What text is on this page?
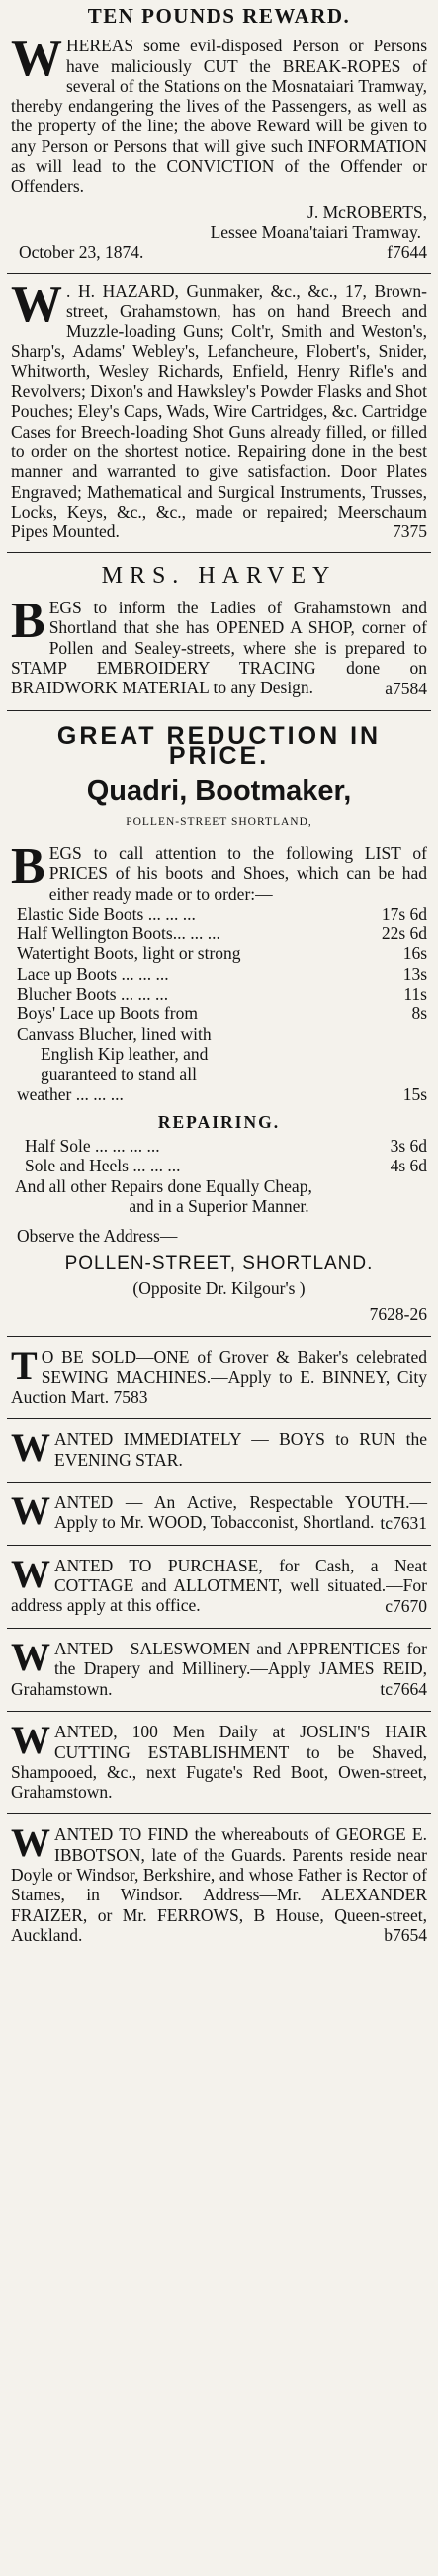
TEN POUNDS REWARD.

WHEREAS some evil-disposed Person or Persons have maliciously CUT the BREAK-ROPES of several of the Stations on the Mosnataiari Tramway, thereby endangering the lives of the Passengers, as well as the property of the line; the above Reward will be given to any Person or Persons that will give such INFORMATION as will lead to the CONVICTION of the Offender or Offenders.

J. McROBERTS,
Lessee Moana'taiari Tramway.
October 23, 1874.	f7644

W . H. HAZARD, Gunmaker, &c., &c., 17, Brown-street, Grahamstown, has on hand Breech and Muzzle-loading Guns; Colt'r, Smith and Weston's, Sharp's, Adams' Webley's, Lefancheure, Flobert's, Snider, Whitworth, Wesley Richards, Enfield, Henry Rifle's and Revolvers; Dixon's and Hawksley's Powder Flasks and Shot Pouches; Eley's Caps, Wads, Wire Cartridges, &c. Cartridge Cases for Breech-loading Shot Guns already filled, or filled to order on the shortest notice. Repairing done in the best manner and warranted to give satisfaction. Door Plates Engraved; Mathematical and Surgical Instruments, Trusses, Locks, Keys, &c., &c., made or repaired; Meerschaum Pipes Mounted.	7375
MRS. HARVEY

BEGS to inform the Ladies of Grahamstown and Shortland that she has OPENED A SHOP, corner of Pollen and Sealey-streets, where she is prepared to STAMP EMBROIDERY TRACING done on BRAIDWORK MATERIAL to any Design.	a7584
GREAT REDUCTION IN PRICE.
Quadri, Bootmaker,
POLLEN-STREET SHORTLAND,

BEGS to call attention to the following LIST of PRICES of his boots and Shoes, which can be had either ready made or to order:—

Elastic Side Boots ... ... ...	17s 6d
Half Wellington Boots... ... ...	22s 6d
Watertight Boots, light or strong	16s
Lace up Boots ... ... ...	13s
Blucher Boots ... ... ...	11s
Boys' Lace up Boots from	8s
Canvass Blucher, lined with
English Kip leather, and
guaranteed to stand all
weather ... ... ...	15s
REPAIRING.
Half Sole ... ... ... ...	3s 6d
Sole and Heels ... ... ...	4s 6d
And all other Repairs done Equally Cheap,
and in a Superior Manner.
Observe the Address—
POLLEN-STREET, SHORTLAND.
(Opposite Dr. Kilgour's )
7628-26

T O BE SOLD—ONE of Grover & Baker's celebrated SEWING MACHINES.—Apply to E. BINNEY, City Auction Mart. 7583

WANTED IMMEDIATELY — BOYS to RUN the EVENING STAR.

WANTED — An Active, Respectable YOUTH.—Apply to Mr. WOOD, Tobacconist, Shortland. tc7631

WANTED TO PURCHASE, for Cash, a Neat COTTAGE and ALLOTMENT, well situated.—For address apply at this office.	c7670

WANTED—SALESWOMEN and APPRENTICES for the Drapery and Millinery.—Apply JAMES REID, Grahamstown.	tc7664

WANTED, 100 Men Daily at JOSLIN'S HAIR CUTTING ESTABLISHMENT to be Shaved, Shampooed, &c., next Fugate's Red Boot, Owen-street, Grahamstown.

WANTED TO FIND the whereabouts of GEORGE E. IBBOTSON, late of the Guards. Parents reside near Doyle or Windsor, Berkshire, and whose Father is Rector of Stames, in Windsor. Address—Mr. ALEXANDER FRAIZER, or Mr. FERROWS, B House, Queen-street, Auckland.	b7654
